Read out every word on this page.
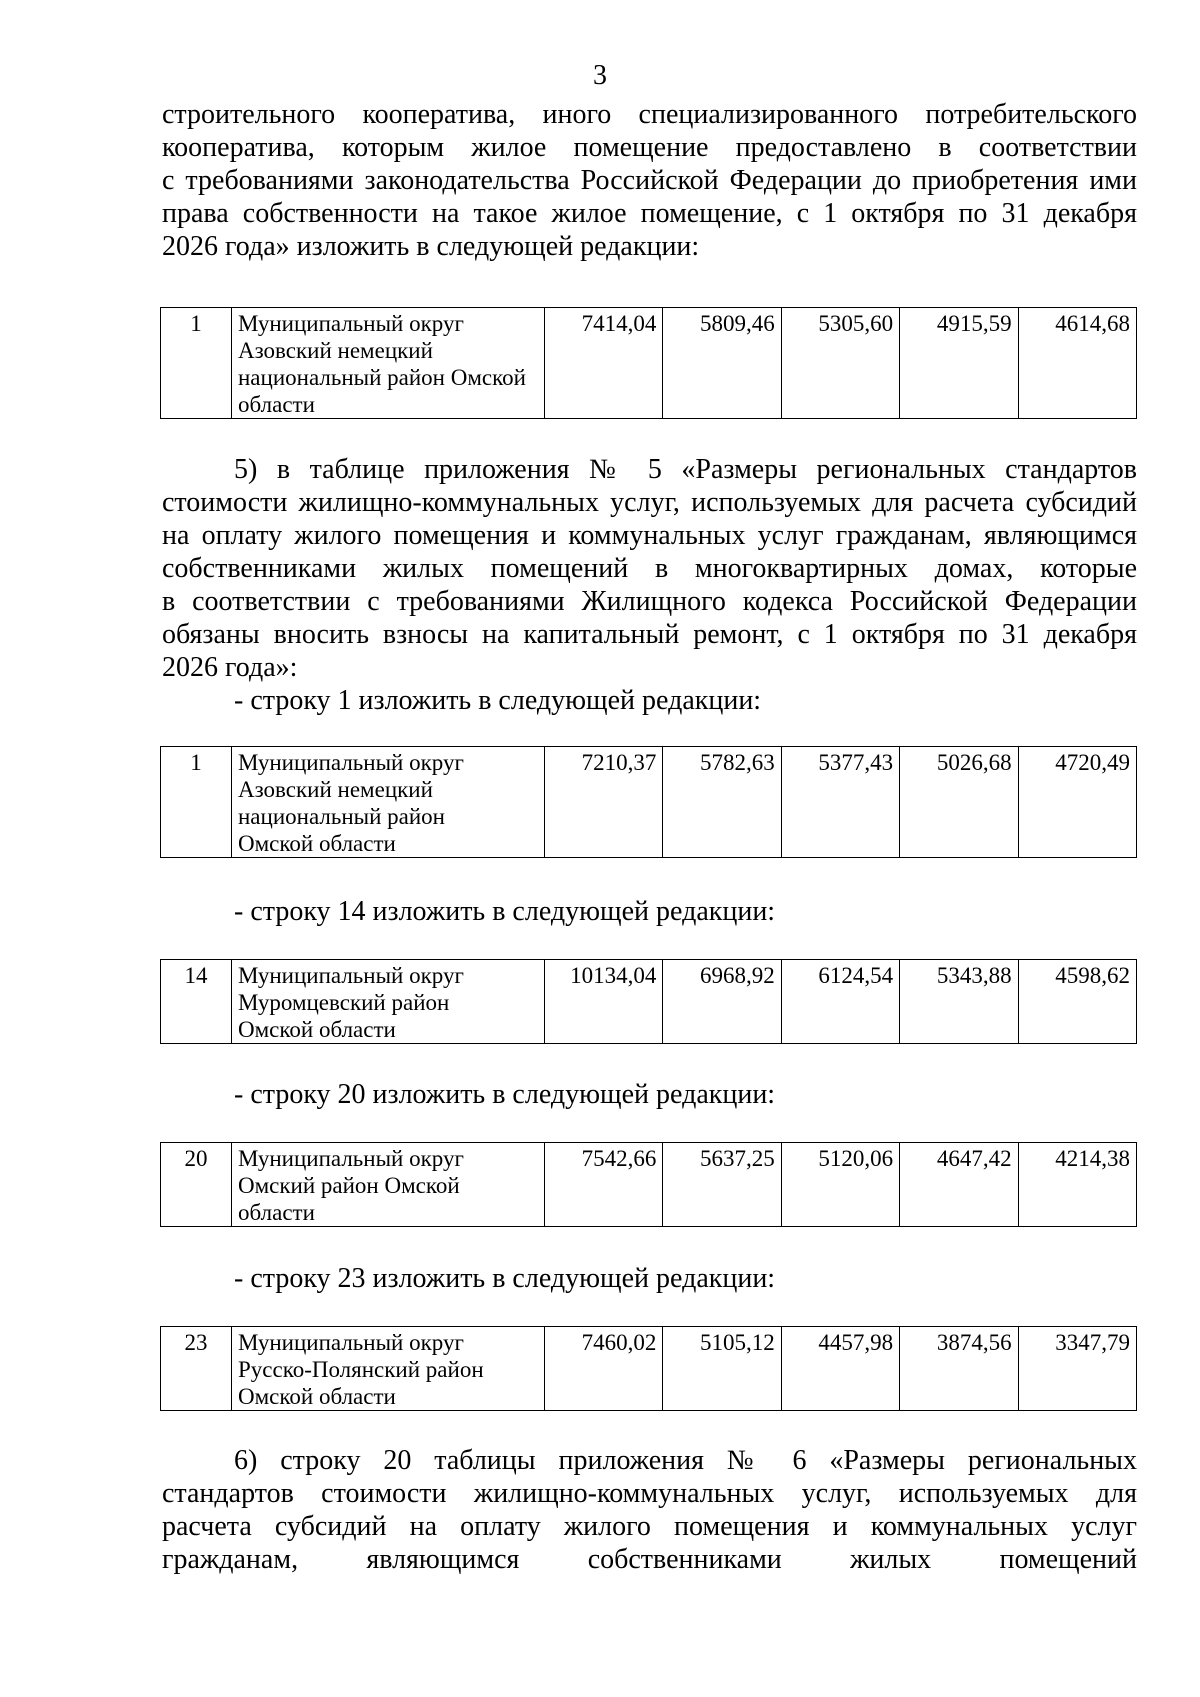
3

строительного кооператива, иного специализированного потребительского
кооператива, которым жилое помещение предоставлено в соответствии
с требованиями законодательства Российской Федерации до приобретения ими
права собственности на такое жилое помещение, с 1 октября по 31 декабря
2026 года» изложить в следующей редакции:

1	Муниципальный округ
Азовский немецкий
национальный район Омской
области
	7414,04	5809,46	5305,60	4915,59	4614,68

5) в таблице приложения № 5 «Размеры региональных стандартов
стоимости жилищно-коммунальных услуг, используемых для расчета субсидий
на оплату жилого помещения и коммунальных услуг гражданам, являющимся
собственниками жилых помещений в многоквартирных домах, которые
в соответствии с требованиями Жилищного кодекса Российской Федерации
обязаны вносить взносы на капитальный ремонт, с 1 октября по 31 декабря
2026 года»:

- строку 1 изложить в следующей редакции:
1	Муниципальный округ
Азовский немецкий
национальный район
Омской области
	7210,37	5782,63	5377,43	5026,68	4720,49
- строку 14 изложить в следующей редакции:
14	Муниципальный округ
Муромцевский район
Омской области
	10134,04	6968,92	6124,54	5343,88	4598,62
- строку 20 изложить в следующей редакции:
20	Муниципальный округ
Омский район Омской
области
	7542,66	5637,25	5120,06	4647,42	4214,38
- строку 23 изложить в следующей редакции:
23	Муниципальный округ
Русско-Полянский район
Омской области
	7460,02	5105,12	4457,98	3874,56	3347,79

6) строку 20 таблицы приложения № 6 «Размеры региональных
стандартов стоимости жилищно-коммунальных услуг, используемых для
расчета субсидий на оплату жилого помещения и коммунальных услуг
гражданам, являющимся собственниками жилых помещений
